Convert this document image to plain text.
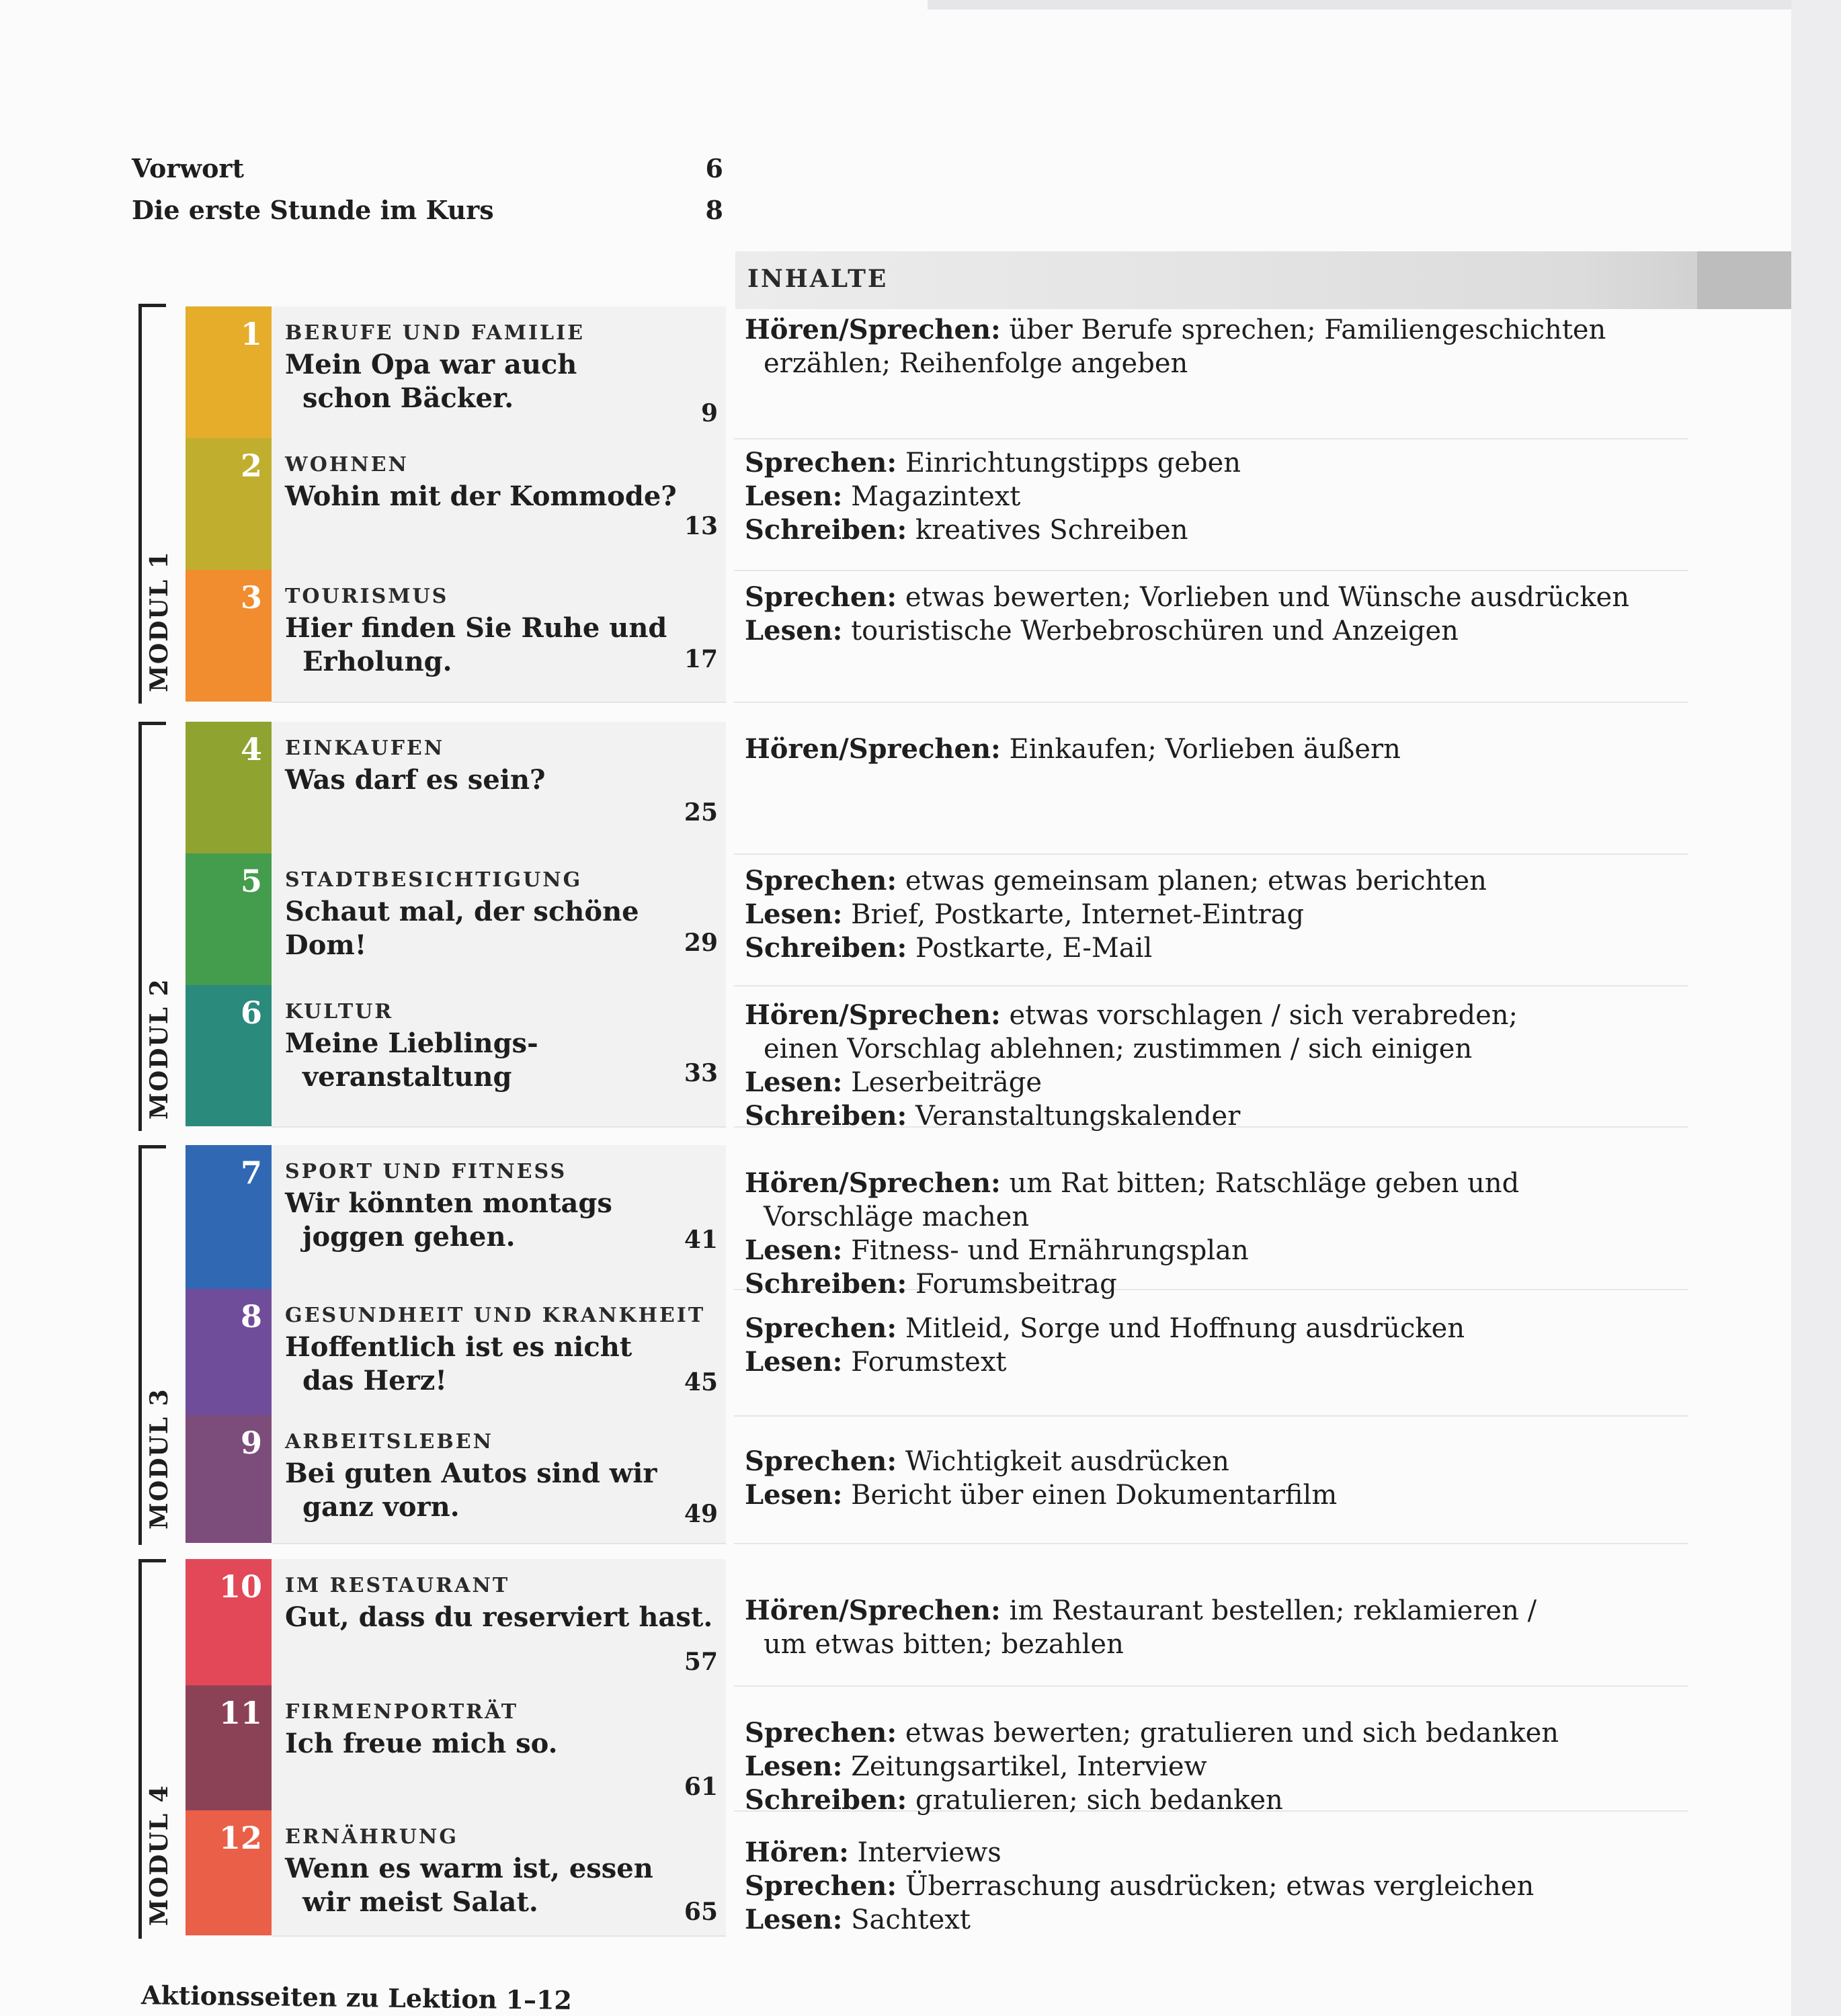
Vorwort	6
Die erste Stunde im Kurs	8
INHALTE
MODUL 1
MODUL 2
MODUL 3
MODUL 4
1 BERUFE UND FAMILIE
Mein Opa war auch
schon Bäcker.	9
Hören/Sprechen: über Berufe sprechen; Familiengeschichten
erzählen; Reihenfolge angeben
2 WOHNEN
Wohin mit der Kommode?
13
Sprechen: Einrichtungstipps geben
Lesen: Magazintext
Schreiben: kreatives Schreiben
3 TOURISMUS
Hier finden Sie Ruhe und
Erholung.	17
Sprechen: etwas bewerten; Vorlieben und Wünsche ausdrücken
Lesen: touristische Werbebroschüren und Anzeigen
4 EINKAUFEN
Was darf es sein?
25
Hören/Sprechen: Einkaufen; Vorlieben äußern
5 STADTBESICHTIGUNG
Schaut mal, der schöne Dom!	29
Sprechen: etwas gemeinsam planen; etwas berichten
Lesen: Brief, Postkarte, Internet-Eintrag
Schreiben: Postkarte, E-Mail
6 KULTUR
Meine Lieblings-
veranstaltung	33
Hören/Sprechen: etwas vorschlagen / sich verabreden;
einen Vorschlag ablehnen; zustimmen / sich einigen
Lesen: Leserbeiträge
Schreiben: Veranstaltungskalender
7 SPORT UND FITNESS
Wir könnten montags
joggen gehen.	41
Hören/Sprechen: um Rat bitten; Ratschläge geben und
Vorschläge machen
Lesen: Fitness- und Ernährungsplan
Schreiben: Forumsbeitrag
8 GESUNDHEIT UND KRANKHEIT
Hoffentlich ist es nicht
das Herz!	45
Sprechen: Mitleid, Sorge und Hoffnung ausdrücken
Lesen: Forumstext
9 ARBEITSLEBEN
Bei guten Autos sind wir
ganz vorn.	49
Sprechen: Wichtigkeit ausdrücken
Lesen: Bericht über einen Dokumentarfilm
10 IM RESTAURANT
Gut, dass du reserviert hast.
57
Hören/Sprechen: im Restaurant bestellen; reklamieren /
um etwas bitten; bezahlen
11 FIRMENPORTRÄT
Ich freue mich so.
61
Sprechen: etwas bewerten; gratulieren und sich bedanken
Lesen: Zeitungsartikel, Interview
Schreiben: gratulieren; sich bedanken
12 ERNÄHRUNG
Wenn es warm ist, essen
wir meist Salat.	65
Hören: Interviews
Sprechen: Überraschung ausdrücken; etwas vergleichen
Lesen: Sachtext
Aktionsseiten zu Lektion 1–12
